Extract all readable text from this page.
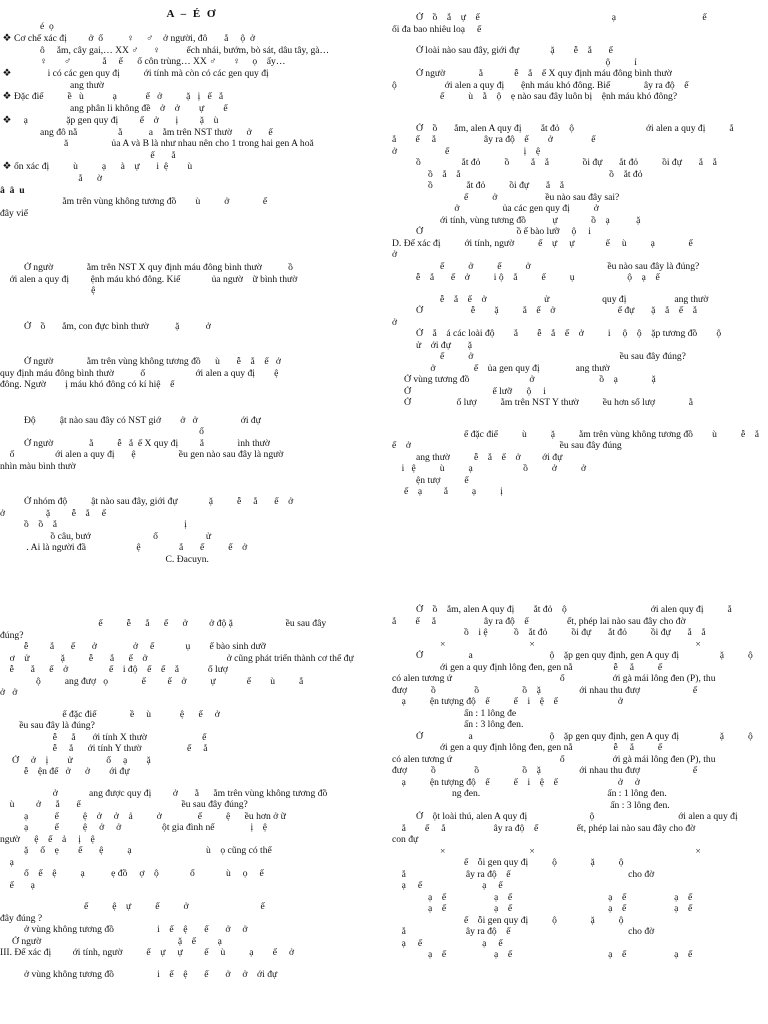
A – É Ơ
é  ọ
❖ Cơ chế xác đị         ở  ố          ♀     ♂    ở người, đô       ắ     ộ  ở
ô     ắm, cây gai,… XX ♂      ♀           ếch nhái, bướm, bò sát, dâu tây, gà…
♀       ♂             ắ     ế      ổ côn trùng… XX ♂       ♀     ọ    ấy…
❖              i có các gen quy đị          ới tính mà còn có các gen quy đị
ang thườ
❖ Đặc điể          ề   ù            ạ            ế   ở          ặ   ị   ế   ắ
ang phân li không đề    ở    ở        ự        ế
❖    ạ                ặp gen quy đị         ế    ở       ị         ặ    ù
ang đô nằ                 ằ           a    ằm trên NST thườ      ở       ế
ă                  ủa A và B là như nhau nên cho 1 trong hai gen A hoă
ế       ắ
❖ ổn xác đị          ù          ạ      à    ự       i  ệ        ù
ắ      ờ
â  â  u
ằm trên vùng không tương đồ        ù          ở              ế
đây viế
Ở ngườ              ằm trên NST X quy định máu đông bình thườ           ồ
ới alen a quy đị         ệnh máu khó đông. Kiể             ủa ngườ    ữ bình thườ
ệ
Ở    ồ       ắm, con đực bình thườ           ặ           ở
Ở ngườ              ằm trên vùng không tương đồ      ù       ễ    ắ    ế   ở
quy định máu đông bình thườ           ố                     ới alen a quy đị        ệ
đông. Ngườ        ị máu khó đông có kí hiệ    ế
Độ          ật nào sau đây có NST giớ        ở   ở                  ới đự
ổ
Ở ngườ               ằ          ễ   ắ  ế X quy đị         ắ              ình thườ
ố                 ới alen a quy đị       ệ                  ều gen nào sau đây là ngườ
nhìn màu bình thườ
Ở nhóm độ          ật nào sau đây, giới đự             ặ          ễ     ắ       ế    ở
ở                 ặ         ễ    ắ     ế
ồ    ồ    ắ                                                     ị
ồ câu, bướ                          ố                    ử
. Ai là người đầ                     ệ                ắ       ế          ế    ở
C. Đacuyn.
ế          ễ      ắ      ế      ở         ở độ ặ                      ều sau đây
đúng?
ễ         ắ       ế       ở               ở     ế             ụ        ế bào sinh dưỡ
ơ    ử             ặ          ễ       ắ      ế    ở                                 ở cũng phát triển thành cơ thể đự
ễ       ắ      ế    ở                 ế    i độ    ế    ế    ắ            ố lượ
ộ          ang đượ   ọ              ế         ế    ở          ự             ế        ù          ắ
ở   ở
ể đặc điể              ề     ù            ệ      ế     ở
ều sau đây là đúng?
ễ      ắ       ới tính X thườ                       ế
ễ     ắ      ới tính Y thườ                   ế     ắ
Ở     ở    ị        ử              ố     ạ        ặ
ễ    ện để   ở      ở        ới đự
ở             ang được quy đị         ở       ằ      ằm trên vùng không tương đồ
ù         ở      ắ       ể                                          ều sau đây đúng?
ạ           ế          ệ    ở     ở    ả          ở               ế          ệ      ều hơn ở ữ
ạ           ế          ệ     ở     ở                 ột gia đình nế               ị    ệ
ngườ      ệ    ế    ả     ị    ệ
ặ     ố    ẹ        ế       ệ          ạ                               ù    ọ cũng có thể
ạ
ố    ế    ệ          ạ           ẹ đồ     ợ    ộ             ố             ù     ọ     ế
ế       ạ
ế          ệ    ự          ế          ở                              ế
đây đúng ?
ở vùng không tương đồ                  i    ế    ệ       ế       ở     ở
Ở ngườ                                                         ặ    ế         ạ
III. Để xác đị         ới tính, ngườ          ế    ự     ự         ế     ù          ạ        ế     ở
ở vùng không tương đồ                  i    ế    ệ       ế       ở     ở    ới đự
Ở    ồ    ắ    ự    ế                                                       ạ                                    ế
ối đa bao nhiêu loạ     ế
Ở loài nào sau đây, giới đự             ặ        ễ    ắ       ế
ộ          ỉ
Ở ngườ              ằ             ễ    ắ    ế X quy định máu đông bình thườ
ộ                    ới alen a quy đị       ệnh máu khó đông. Biế              ây ra độ    ế
ế          ù    ằ    ộ    ẹ nào sau đây luôn bị    ệnh máu khó đông?
Ở    ồ       ắm, alen A quy đị        ắt đỏ    ộ                              ới alen a quy đị          ắ
ắ        ế     ắ                    ây ra độ    ế        ở                ế
ở                    ế                               ị    ệ
ồ                 ắt đỏ          ồ         ắ    ắ              ồi đự       ắt đỏ          ồi đự       ắ    ắ
ồ    ắ    ắ                                                              ồ    ắt đỏ
ồ              ắt đỏ          ồi đự       ắ    ắ
ế          ở                    ều nào sau đây sai?
ở                  ủa các gen quy đị          ở
ới tính, vùng tương đồ           ự              ồ    ạ           ặ
Ở                                       ồ ế bào lưỡ     ộ     i
D. Để xác đị          ới tính, ngườ          ế    ự     ự             ế     ù          ạ              ế
ở
ế          ở          ế          ở                                ều nào sau đây là đúng?
ễ    ắ       ế    ở          i ộ    ắ          ế          ụ                      ộ    ạ    ế
ễ    ắ    ế    ở                        ử                      quy đị                    ang thườ
Ở                    ễ        ặ          ắ    ế    ở                          ế đự       ặ    ắ    ế    ắ
ở
Ở    ắ    á các loài độ        ắ        ễ    ắ    ế    ở          i     ộ    ộ    ặp tương đồ        ộ
ử    ới đự       ặ
ế          ở                                                             ều sau đây đúng?
ở                ế    ủa gen quy đị               ang thườ
Ở vùng tương đồ                         ở                           ồ    ạ              ặ
Ở                                  ế lưỡ      ộ     i
Ở                   ố lượ          ằm trên NST Y thườ          ều hơn số lượ              ằ
ể đặc điể          ù          ặ          ằm trên vùng không tương đồ        ù          ễ    ắ
ế    ở                                                              ều sau đây đúng
ang thườ          ễ    ắ    ế    ở         ới đự
i   ệ          ù          ạ                     ồ          ở          ở
ện tượ          ế
ế    ạ         ắ          ạ          ị
Ở    ồ    ắm, alen A quy đị        ắt đỏ    ộ                                   ới alen quy đị          ắ
ắ        ế     ắ                    ây ra độ    ế                ết, phép lai nào sau đây cho đờ
ồ    i ệ           ồ    ắt đỏ          ồi đự       ắt đỏ          ồi đự       ắ    ắ
×                                   ×                                                                   ×
Ở                   a                                ộ    ặp gen quy định, gen A quy đị                 ặ          ộ
ới gen a quy định lông đen, gen nằ                 ễ     ắ          ế
có alen tương ứ                                             ố                    ới gà mái lông đen (P), thu
đượ          ồ                ồ                  ồ    ặ                ới nhau thu đượ                      ế
ạ          ện tượng độ    ế          ế    i    ệ    ế                         ở
ấn : 1 lông đe
ấn : 3 lông đen.
Ở                   a                                ộ    ặp gen quy định, gen A quy đị                 ặ          ộ
ới gen a quy định lông đen, gen nằ                 ễ     ắ          ế
có alen tương ứ                                             ố                    ới gà mái lông đen (P), thu
đượ          ồ                ồ                  ồ    ặ                ới nhau thu đượ                      ế
ạ          ện tượng độ    ế          ế    i    ệ    ế                         ở     ở
ng đen.                                                     ấn : 1 lông đen.
ấn : 3 lông đen.
Ở    ột loài thú, alen A quy đị                          ộ                                   ới alen a quy đị
ắ        ế     ắ                    ây ra độ    ế                ết, phép lai nào sau đây cho đờ
con đự
×                                   ×                                                                   ×
ế    ỗi gen quy đị          ộ              ặ          ộ
ắ                         ây ra độ    ế                                                 cho đờ
ạ     ế                         ạ     ế
ạ    ế                    ạ    ế                                        ạ    ế                    ạ    ế
ạ    ế                    ạ    ế                                        ạ    ế                    ạ    ế
ế    ỗi gen quy đị          ộ              ặ          ộ
ắ                         ây ra độ    ế                                                 cho đờ
ạ     ế                         ạ     ế
ạ    ế                    ạ    ế                                        ạ    ế                    ạ    ế
